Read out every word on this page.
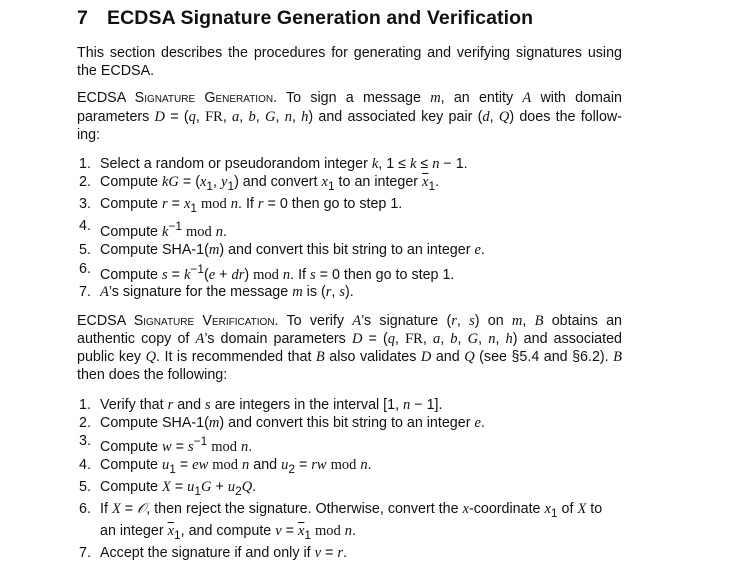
7 ECDSA Signature Generation and Verification

This section describes the procedures for generating and verifying signatures using the ECDSA.

ECDSA Signature Generation. To sign a message m, an entity A with domain parameters D = (q, FR, a, b, G, n, h) and associated key pair (d, Q) does the follow-ing:

1. Select a random or pseudorandom integer k, 1 ≤ k ≤ n − 1.
2. Compute kG = ($x_1$, $y_1$) and convert $x_1$ to an integer $\overline{x}_1$.
3. Compute $r = x_1$ mod n. If r = 0 then go to step 1.
4. Compute $k^{-1}$ mod n.
5. Compute SHA-1(m) and convert this bit string to an integer e.
6. Compute $s = k^{-1}(e + dr)$ mod n. If s = 0 then go to step 1.
7. A’s signature for the message m is (r, s).

ECDSA Signature Verification. To verify A’s signature (r, s) on m, B obtains an authentic copy of A’s domain parameters D = (q, FR, a, b, G, n, h) and associated public key Q. It is recommended that B also validates D and Q (see §5.4 and §6.2). B then does the following:

1. Verify that r and s are integers in the interval [1, n − 1].
2. Compute SHA-1(m) and convert this bit string to an integer e.
3. Compute $w = s^{-1}$ mod n.
4. Compute $u_1$ = ew mod n and $u_2$ = rw mod n.
5. Compute $X = u_1G + u_2Q$.
6. If X = 𝒪, then reject the signature. Otherwise, convert the x-coordinate $x_1$ of X to an integer $\overline{x}_1$, and compute $v = \overline{x}_1$ mod n.
7. Accept the signature if and only if v = r.
